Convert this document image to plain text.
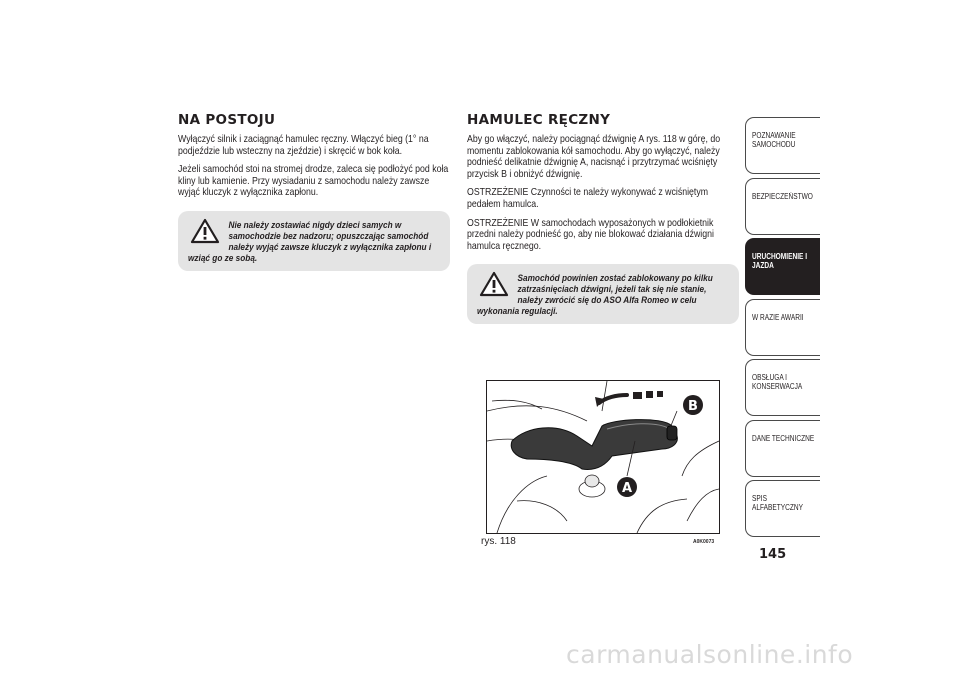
NA POSTOJU

Wyłączyć silnik i zaciągnąć hamulec ręczny. Włączyć bieg (1° na podjeździe lub wsteczny na zjeździe) i skręcić w bok koła.

Jeżeli samochód stoi na stromej drodze, zaleca się podłożyć pod koła kliny lub kamienie. Przy wysiadaniu z samochodu należy zawsze wyjąć kluczyk z wyłącznika zapłonu.

Nie należy zostawiać nigdy dzieci samych w samochodzie bez nadzoru; opuszczając samochód należy wyjąć zawsze kluczyk z wyłącznika zapłonu i
wziąć go ze sobą.
HAMULEC RĘCZNY

Aby go włączyć, należy pociągnąć dźwignię A rys. 118 w górę, do momentu zablokowania kół samochodu. Aby go wyłączyć, należy podnieść delikatnie dźwignię A, nacisnąć i przytrzymać wciśnięty przycisk B i obniżyć dźwignię.

OSTRZEŻENIE Czynności te należy wykonywać z wciśniętym pedałem hamulca.

OSTRZEŻENIE W samochodach wyposażonych w podłokietnik przedni należy podnieść go, aby nie blokować działania dźwigni hamulca ręcznego.

Samochód powinien zostać zablokowany po kilku zatrzaśnięciach dźwigni, jeżeli tak się nie stanie, należy zwrócić się do ASO Alfa Romeo w celu
wykonania regulacji.
B
A
rys. 118	A0K0073
145
POZNAWANIE SAMOCHODU
BEZPIECZEŃSTWO
URUCHOMIENIE I JAZDA
W RAZIE AWARII
OBSŁUGA I KONSERWACJA
DANE TECHNICZNE
SPIS ALFABETYCZNY
carmanualsonline.info
